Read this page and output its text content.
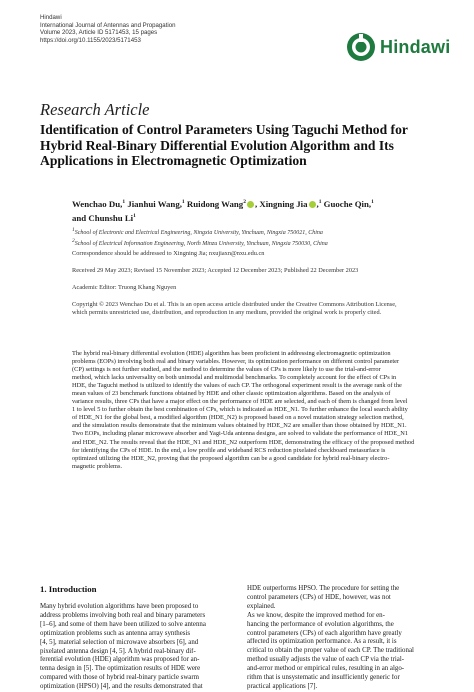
Hindawi
International Journal of Antennas and Propagation
Volume 2023, Article ID 5171453, 15 pages
https://doi.org/10.1155/2023/5171453	Hindawi
Research Article
Identification of Control Parameters Using Taguchi Method for Hybrid Real-Binary Differential Evolution Algorithm and Its Applications in Electromagnetic Optimization
Wenchao Du,$^1$ Jianhui Wang,$^1$ Ruidong Wang$^2$ , Xingning Jia ,$^1$ Guoche Qin,$^1$
and Chunshu Li$^1$
1School of Electronic and Electrical Engineering, Ningxia University, Yinchuan, Ningxia 750021, China
2School of Electrical Information Engineering, North Minzu University, Yinchuan, Ningxia 750030, China
Correspondence should be addressed to Xingning Jia; nxujiaxn@nxu.edu.cn
Received 29 May 2023; Revised 15 November 2023; Accepted 12 December 2023; Published 22 December 2023
Academic Editor: Truong Khang Nguyen
Copyright © 2023 Wenchao Du et al. This is an open access article distributed under the Creative Commons Attribution License,
which permits unrestricted use, distribution, and reproduction in any medium, provided the original work is properly cited.
The hybrid real-binary differential evolution (HDE) algorithm has been proficient in addressing electromagnetic optimization
problems (EOPs) involving both real and binary variables. However, its optimization performance on different control parameter
(CP) settings is not further studied, and the method to determine the values of CPs is more likely to use the trial-and-error
method, which lacks universality on both unimodal and multimodal benchmarks. To completely account for the effect of CPs in
HDE, the Taguchi method is utilized to identify the values of each CP. The orthogonal experiment result is the average rank of the
mean values of 23 benchmark functions obtained by HDE and other classic optimization algorithms. Based on the analysis of
variance results, three CPs that have a major effect on the performance of HDE are selected, and each of them is changed from level
1 to level 5 to further obtain the best combination of CPs, which is indicated as HDE_N1. To further enhance the local search ability
of HDE_N1 for the global best, a modified algorithm (HDE_N2) is proposed based on a novel mutation strategy selection method,
and the simulation results demonstrate that the minimum values obtained by HDE_N2 are smaller than those obtained by HDE_N1.
Two EOPs, including planar microwave absorber and Yagi-Uda antenna designs, are solved to validate the performance of HDE_N1
and HDE_N2. The results reveal that the HDE_N1 and HDE_N2 outperform HDE, demonstrating the efficacy of the proposed method
for identifying the CPs of HDE. In the end, a low profile and wideband RCS reduction pixelated checkboard metasurface is
optimized utilizing the HDE_N2, proving that the proposed algorithm can be a good candidate for hybrid real-binary electro-
magnetic problems.
1. Introduction
Many hybrid evolution algorithms have been proposed to
address problems involving both real and binary parameters
[1–6], and some of them have been utilized to solve antenna
optimization problems such as antenna array synthesis
[4, 5], material selection of microwave absorbers [6], and
pixelated antenna design [4, 5]. A hybrid real-binary dif-
ferential evolution (HDE) algorithm was proposed for an-
tenna design in [5]. The optimization results of HDE were
compared with those of hybrid real-binary particle swarm
optimization (HPSO) [4], and the results demonstrated that
HDE outperforms HPSO. The procedure for setting the
control parameters (CPs) of HDE, however, was not
explained.
As we know, despite the improved method for en-
hancing the performance of evolution algorithms, the
control parameters (CPs) of each algorithm have greatly
affected its optimization performance. As a result, it is
critical to obtain the proper value of each CP. The traditional
method usually adjusts the value of each CP via the trial-
and-error method or empirical rules, resulting in an algo-
rithm that is unsystematic and insufficiently generic for
practical applications [7].
